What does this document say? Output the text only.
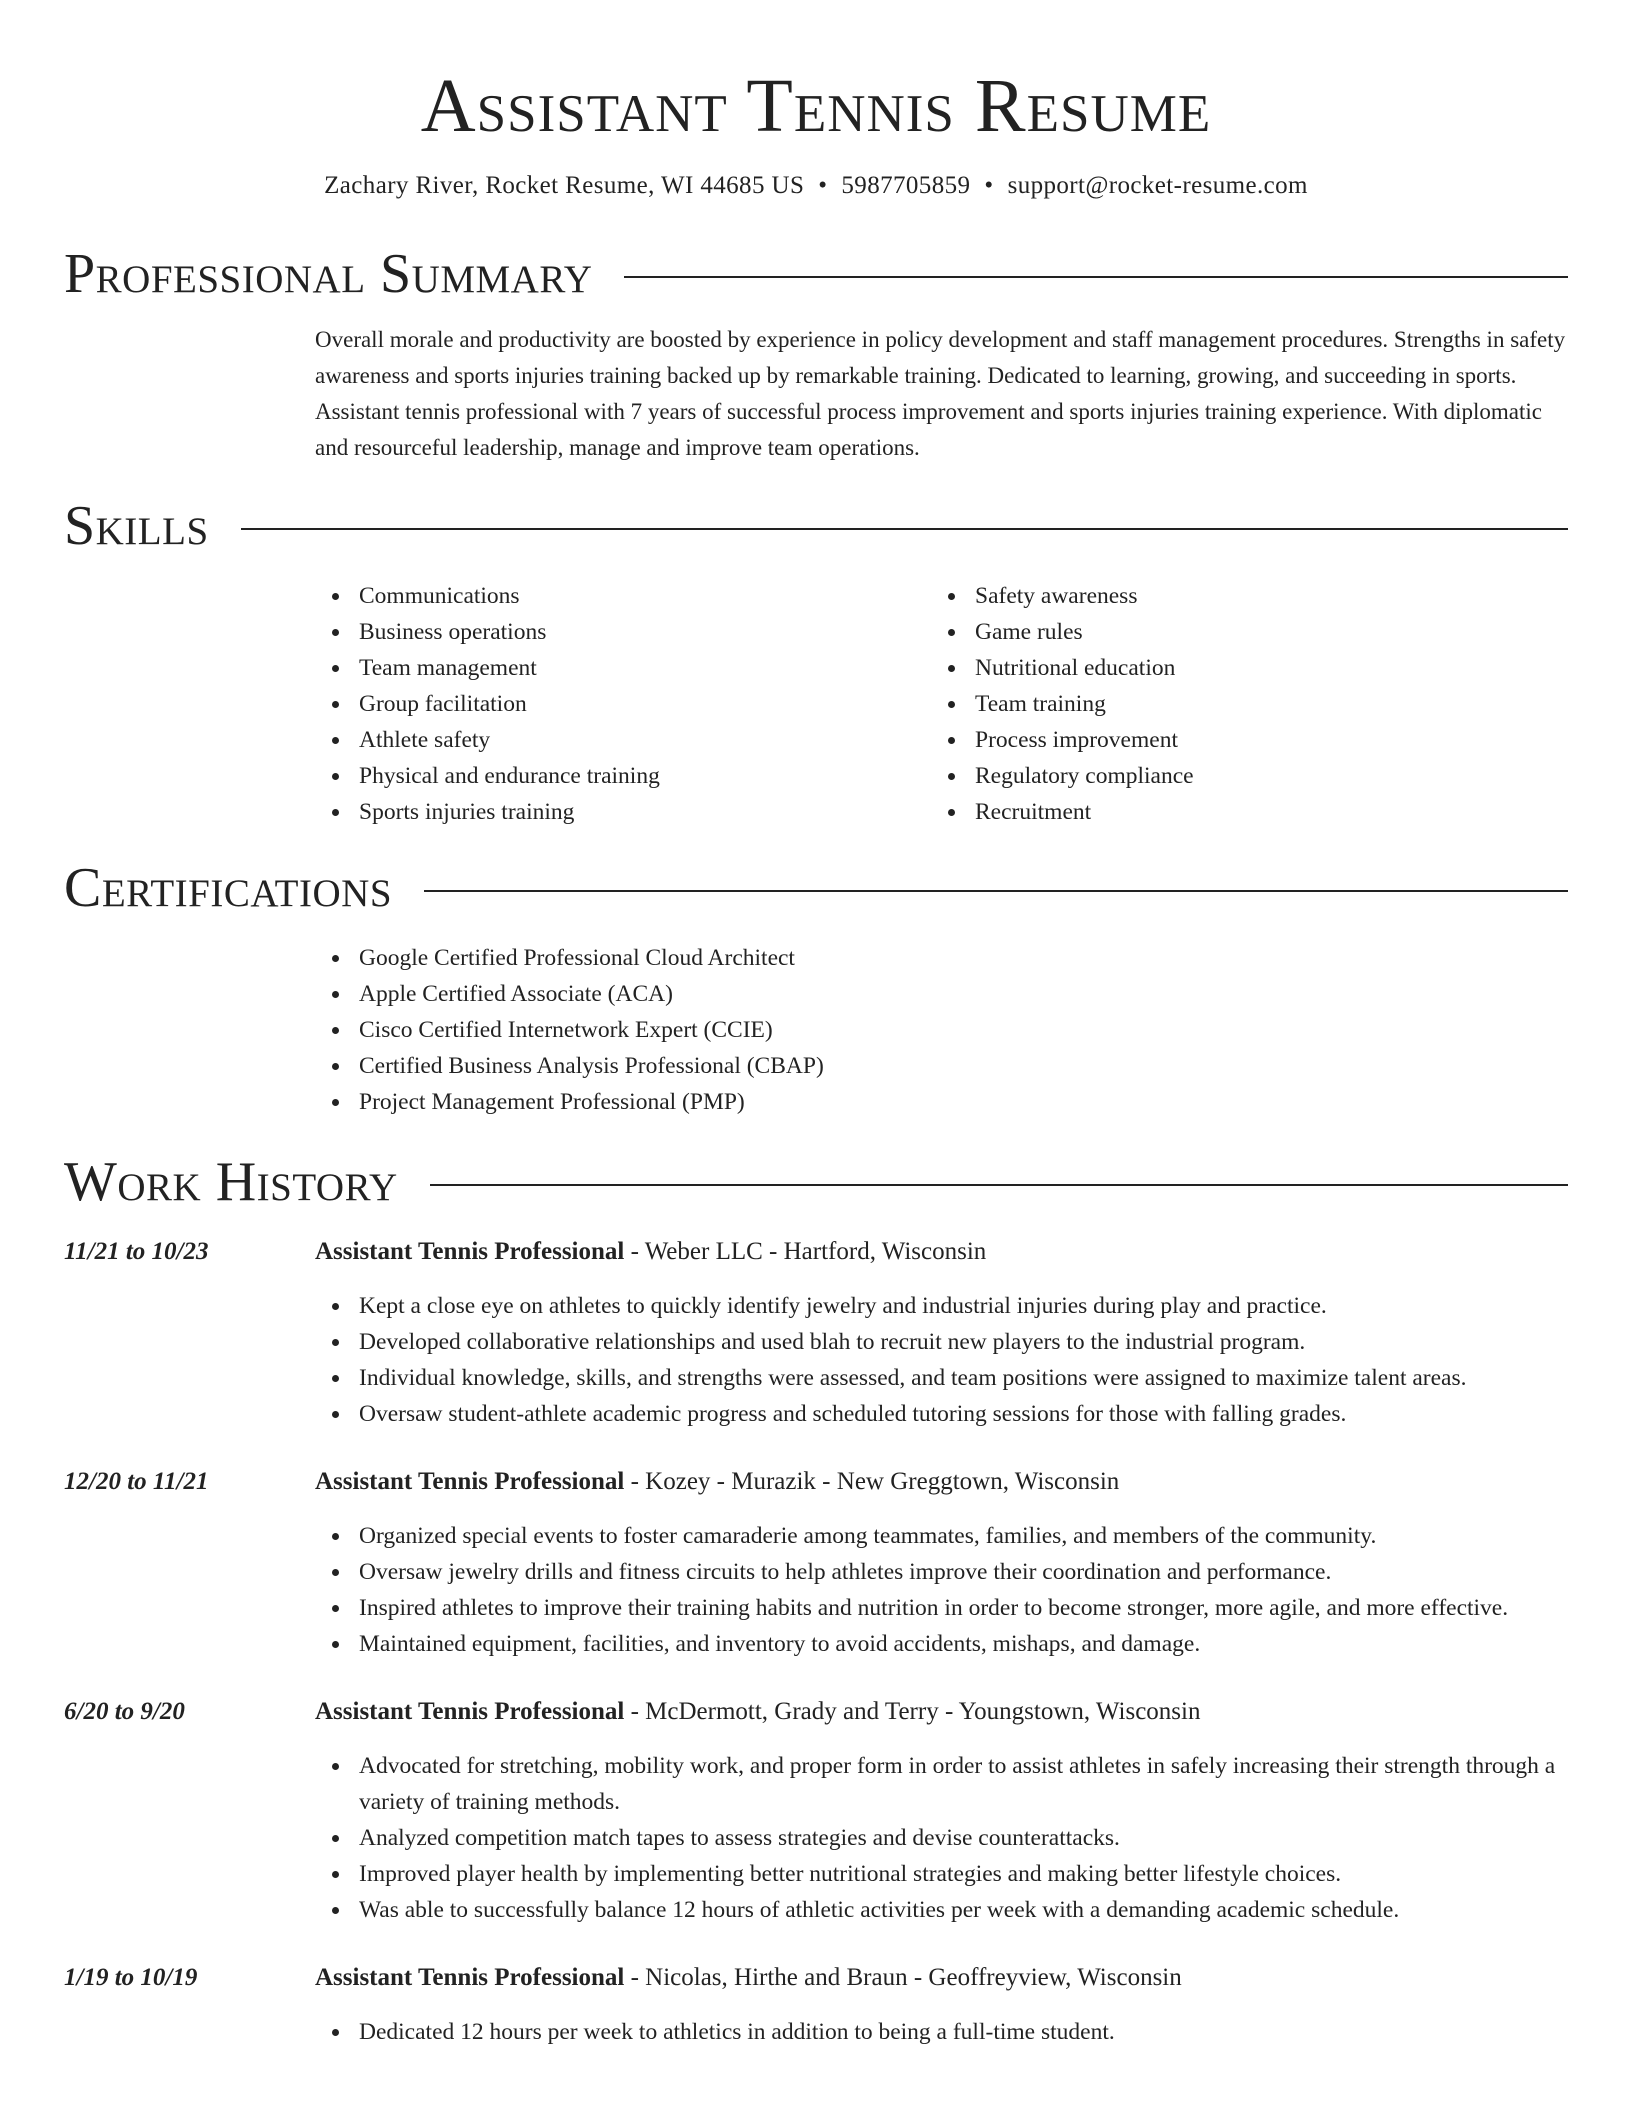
Assistant Tennis Resume
Zachary River, Rocket Resume, WI 44685 US • 5987705859 • support@rocket-resume.com
Professional Summary

Overall morale and productivity are boosted by experience in policy development and staff management procedures. Strengths in safety awareness and sports injuries training backed up by remarkable training. Dedicated to learning, growing, and succeeding in sports. Assistant tennis professional with 7 years of successful process improvement and sports injuries training experience. With diplomatic and resourceful leadership, manage and improve team operations.

Skills
Communications
Business operations
Team management
Group facilitation
Athlete safety
Physical and endurance training
Sports injuries training
Safety awareness
Game rules
Nutritional education
Team training
Process improvement
Regulatory compliance
Recruitment
Certifications
Google Certified Professional Cloud Architect
Apple Certified Associate (ACA)
Cisco Certified Internetwork Expert (CCIE)
Certified Business Analysis Professional (CBAP)
Project Management Professional (PMP)
Work History
11/21 to 10/23	Assistant Tennis Professional - Weber LLC - Hartford, Wisconsin
Kept a close eye on athletes to quickly identify jewelry and industrial injuries during play and practice.
Developed collaborative relationships and used blah to recruit new players to the industrial program.
Individual knowledge, skills, and strengths were assessed, and team positions were assigned to maximize talent areas.
Oversaw student-athlete academic progress and scheduled tutoring sessions for those with falling grades.
12/20 to 11/21	Assistant Tennis Professional - Kozey - Murazik - New Greggtown, Wisconsin
Organized special events to foster camaraderie among teammates, families, and members of the community.
Oversaw jewelry drills and fitness circuits to help athletes improve their coordination and performance.
Inspired athletes to improve their training habits and nutrition in order to become stronger, more agile, and more effective.
Maintained equipment, facilities, and inventory to avoid accidents, mishaps, and damage.
6/20 to 9/20	Assistant Tennis Professional - McDermott, Grady and Terry - Youngstown, Wisconsin
Advocated for stretching, mobility work, and proper form in order to assist athletes in safely increasing their strength through a variety of training methods.
Analyzed competition match tapes to assess strategies and devise counterattacks.
Improved player health by implementing better nutritional strategies and making better lifestyle choices.
Was able to successfully balance 12 hours of athletic activities per week with a demanding academic schedule.
1/19 to 10/19	Assistant Tennis Professional - Nicolas, Hirthe and Braun - Geoffreyview, Wisconsin
Dedicated 12 hours per week to athletics in addition to being a full-time student.
